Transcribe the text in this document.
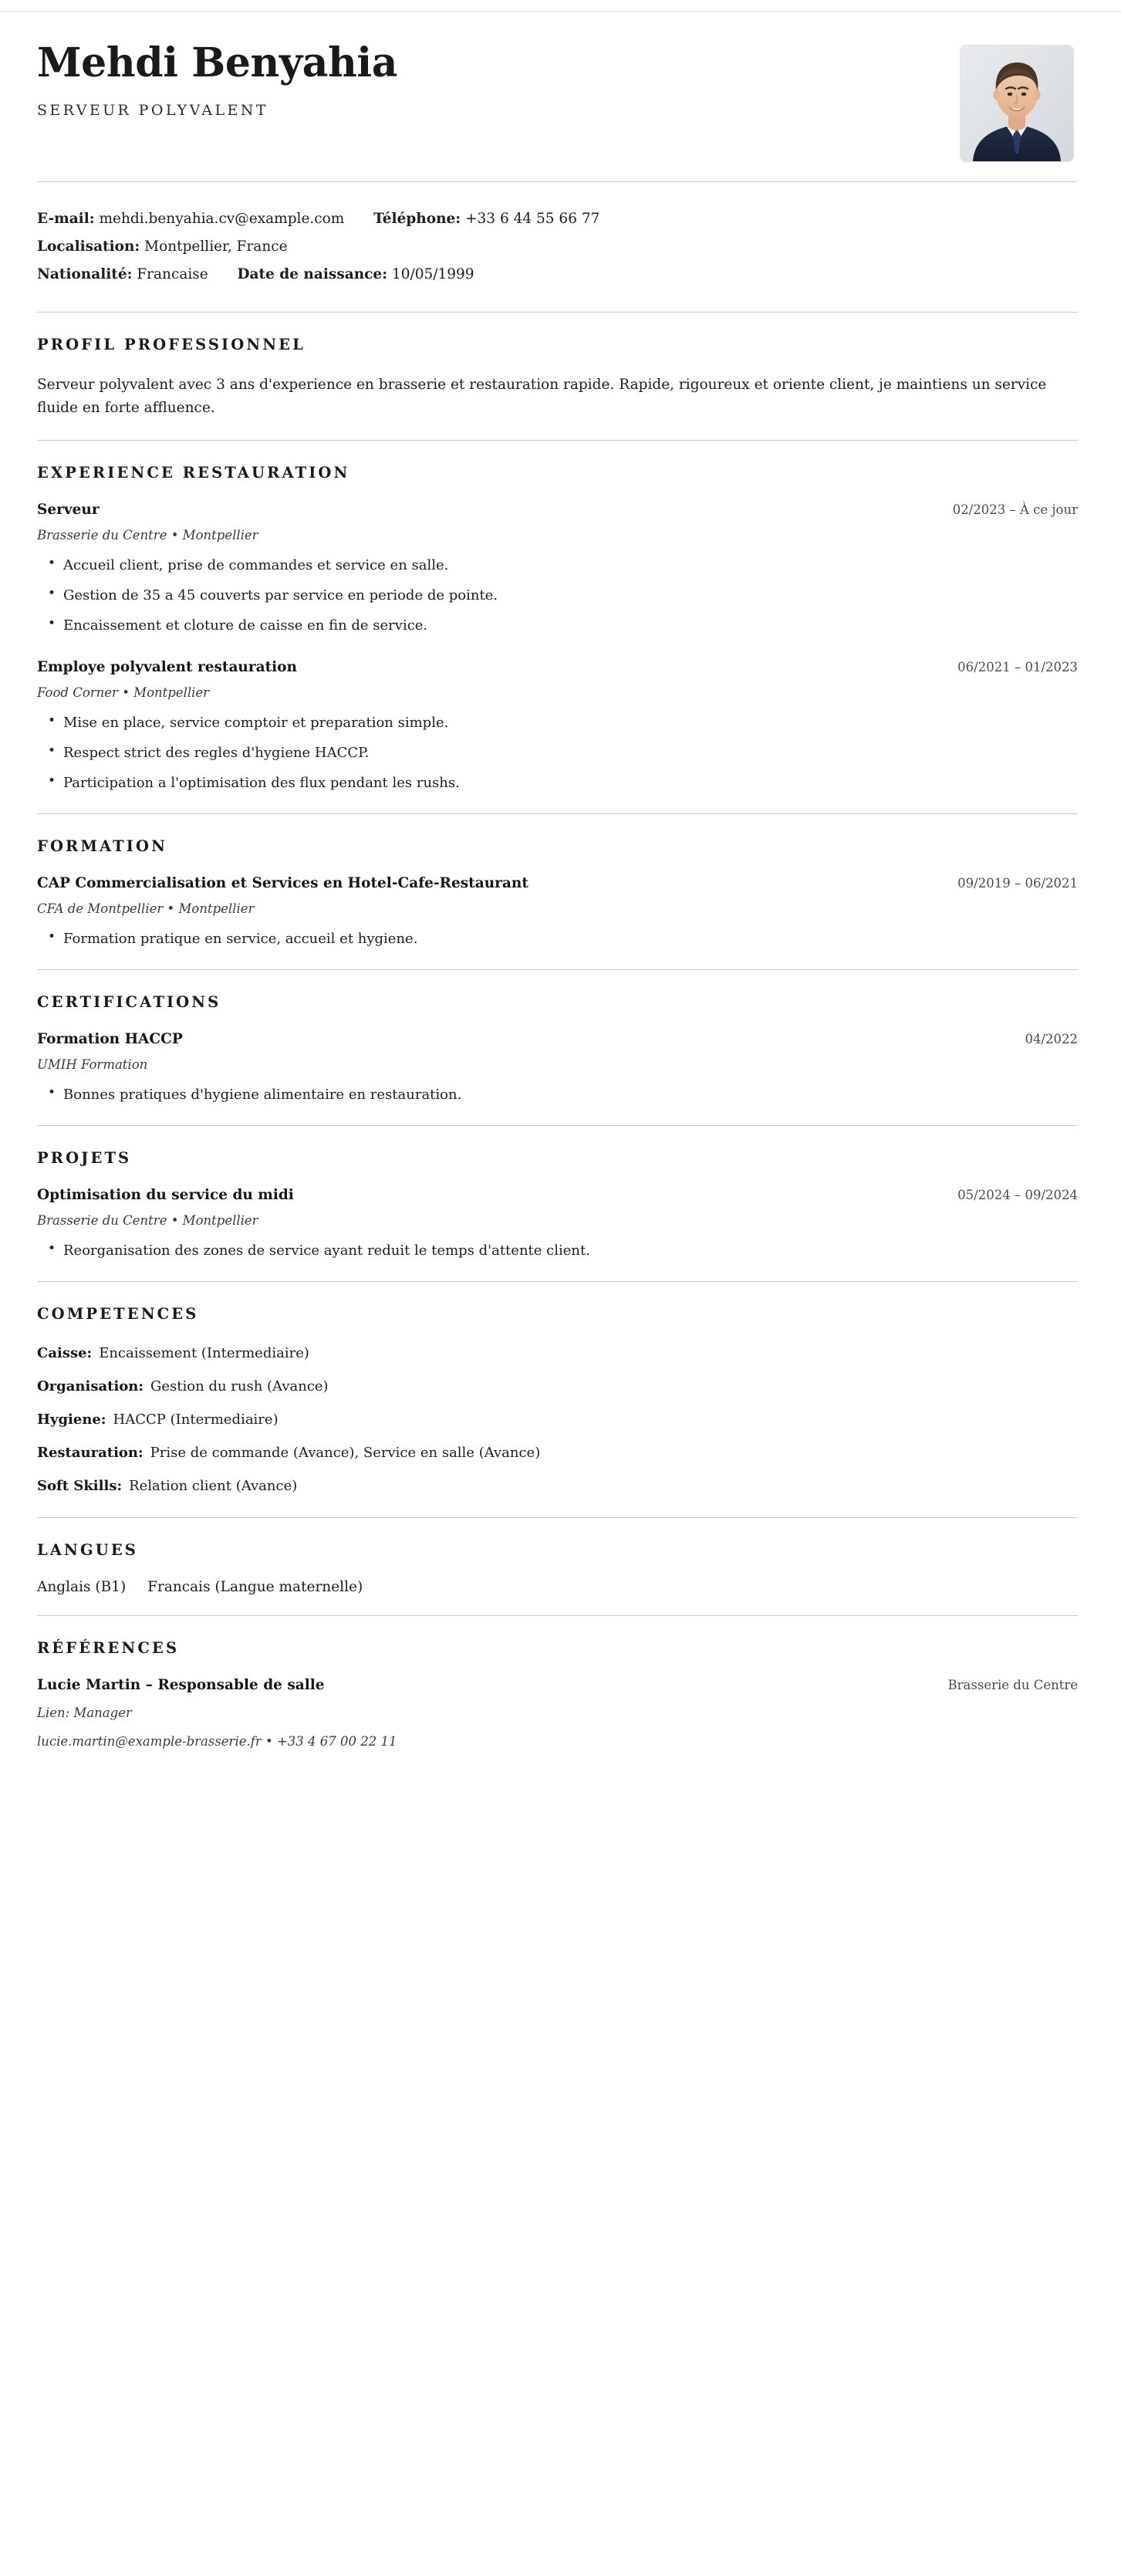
Mehdi Benyahia
SERVEUR POLYVALENT
E-mail: mehdi.benyahia.cv@example.com Téléphone: +33 6 44 55 66 77
Localisation: Montpellier, France
Nationalité: Francaise Date de naissance: 10/05/1999
PROFIL PROFESSIONNEL
Serveur polyvalent avec 3 ans d'experience en brasserie et restauration rapide. Rapide, rigoureux et oriente client, je maintiens un service fluide en forte affluence.
EXPERIENCE RESTAURATION
Serveur	02/2023 – À ce jour
Brasserie du Centre • Montpellier
• Accueil client, prise de commandes et service en salle.
• Gestion de 35 a 45 couverts par service en periode de pointe.
• Encaissement et cloture de caisse en fin de service.
Employe polyvalent restauration	06/2021 – 01/2023
Food Corner • Montpellier
• Mise en place, service comptoir et preparation simple.
• Respect strict des regles d'hygiene HACCP.
• Participation a l'optimisation des flux pendant les rushs.
FORMATION
CAP Commercialisation et Services en Hotel-Cafe-Restaurant	09/2019 – 06/2021
CFA de Montpellier • Montpellier
• Formation pratique en service, accueil et hygiene.
CERTIFICATIONS
Formation HACCP	04/2022
UMIH Formation
• Bonnes pratiques d'hygiene alimentaire en restauration.
PROJETS
Optimisation du service du midi	05/2024 – 09/2024
Brasserie du Centre • Montpellier
• Reorganisation des zones de service ayant reduit le temps d'attente client.
COMPETENCES
Caisse: Encaissement (Intermediaire)
Organisation: Gestion du rush (Avance)
Hygiene: HACCP (Intermediaire)
Restauration: Prise de commande (Avance), Service en salle (Avance)
Soft Skills: Relation client (Avance)
LANGUES
Anglais (B1) Francais (Langue maternelle)
RÉFÉRENCES
Lucie Martin – Responsable de salle	Brasserie du Centre
Lien: Manager
lucie.martin@example-brasserie.fr • +33 4 67 00 22 11
